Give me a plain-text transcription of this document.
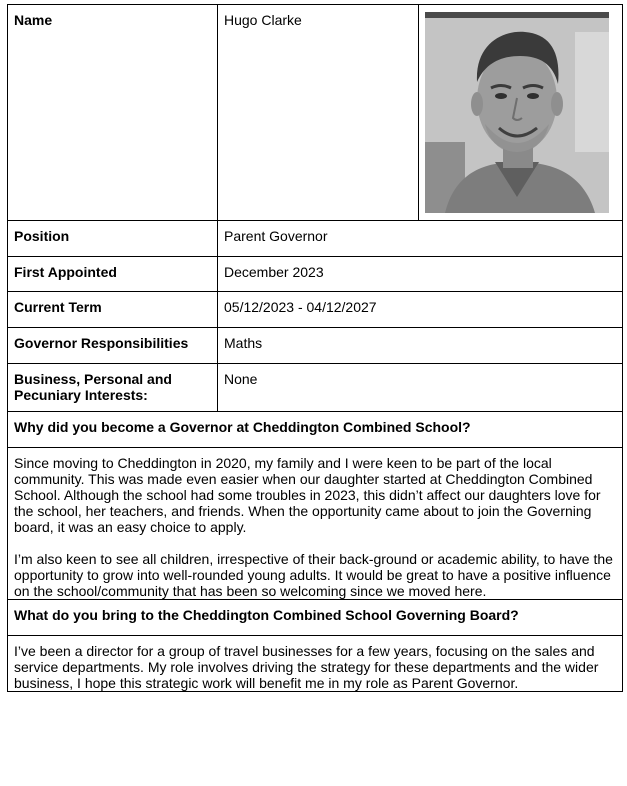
Name	Hugo Clarke	

Position	Parent Governor	
First Appointed	December 2023	
Current Term	05/12/2023 - 04/12/2027	
Governor Responsibilities	Maths	
Business, Personal and Pecuniary Interests:	None	
Why did you become a Governor at Cheddington Combined School?		

Since moving to Cheddington in 2020, my family and I were keen to be part of the local community. This was made even easier when our daughter started at Cheddington Combined School. Although the school had some troubles in 2023, this didn’t affect our daughters love for the school, her teachers, and friends. When the opportunity came about to join the Governing board, it was an easy choice to apply.

I’m also keen to see all children, irrespective of their back-ground or academic ability, to have the opportunity to grow into well-rounded young adults. It would be great to have a positive influence on the school/community that has been so welcoming since we moved here.		

What do you bring to the Cheddington Combined School Governing Board?		

I’ve been a director for a group of travel businesses for a few years, focusing on the sales and service departments. My role involves driving the strategy for these departments and the wider business, I hope this strategic work will benefit me in my role as Parent Governor.		
